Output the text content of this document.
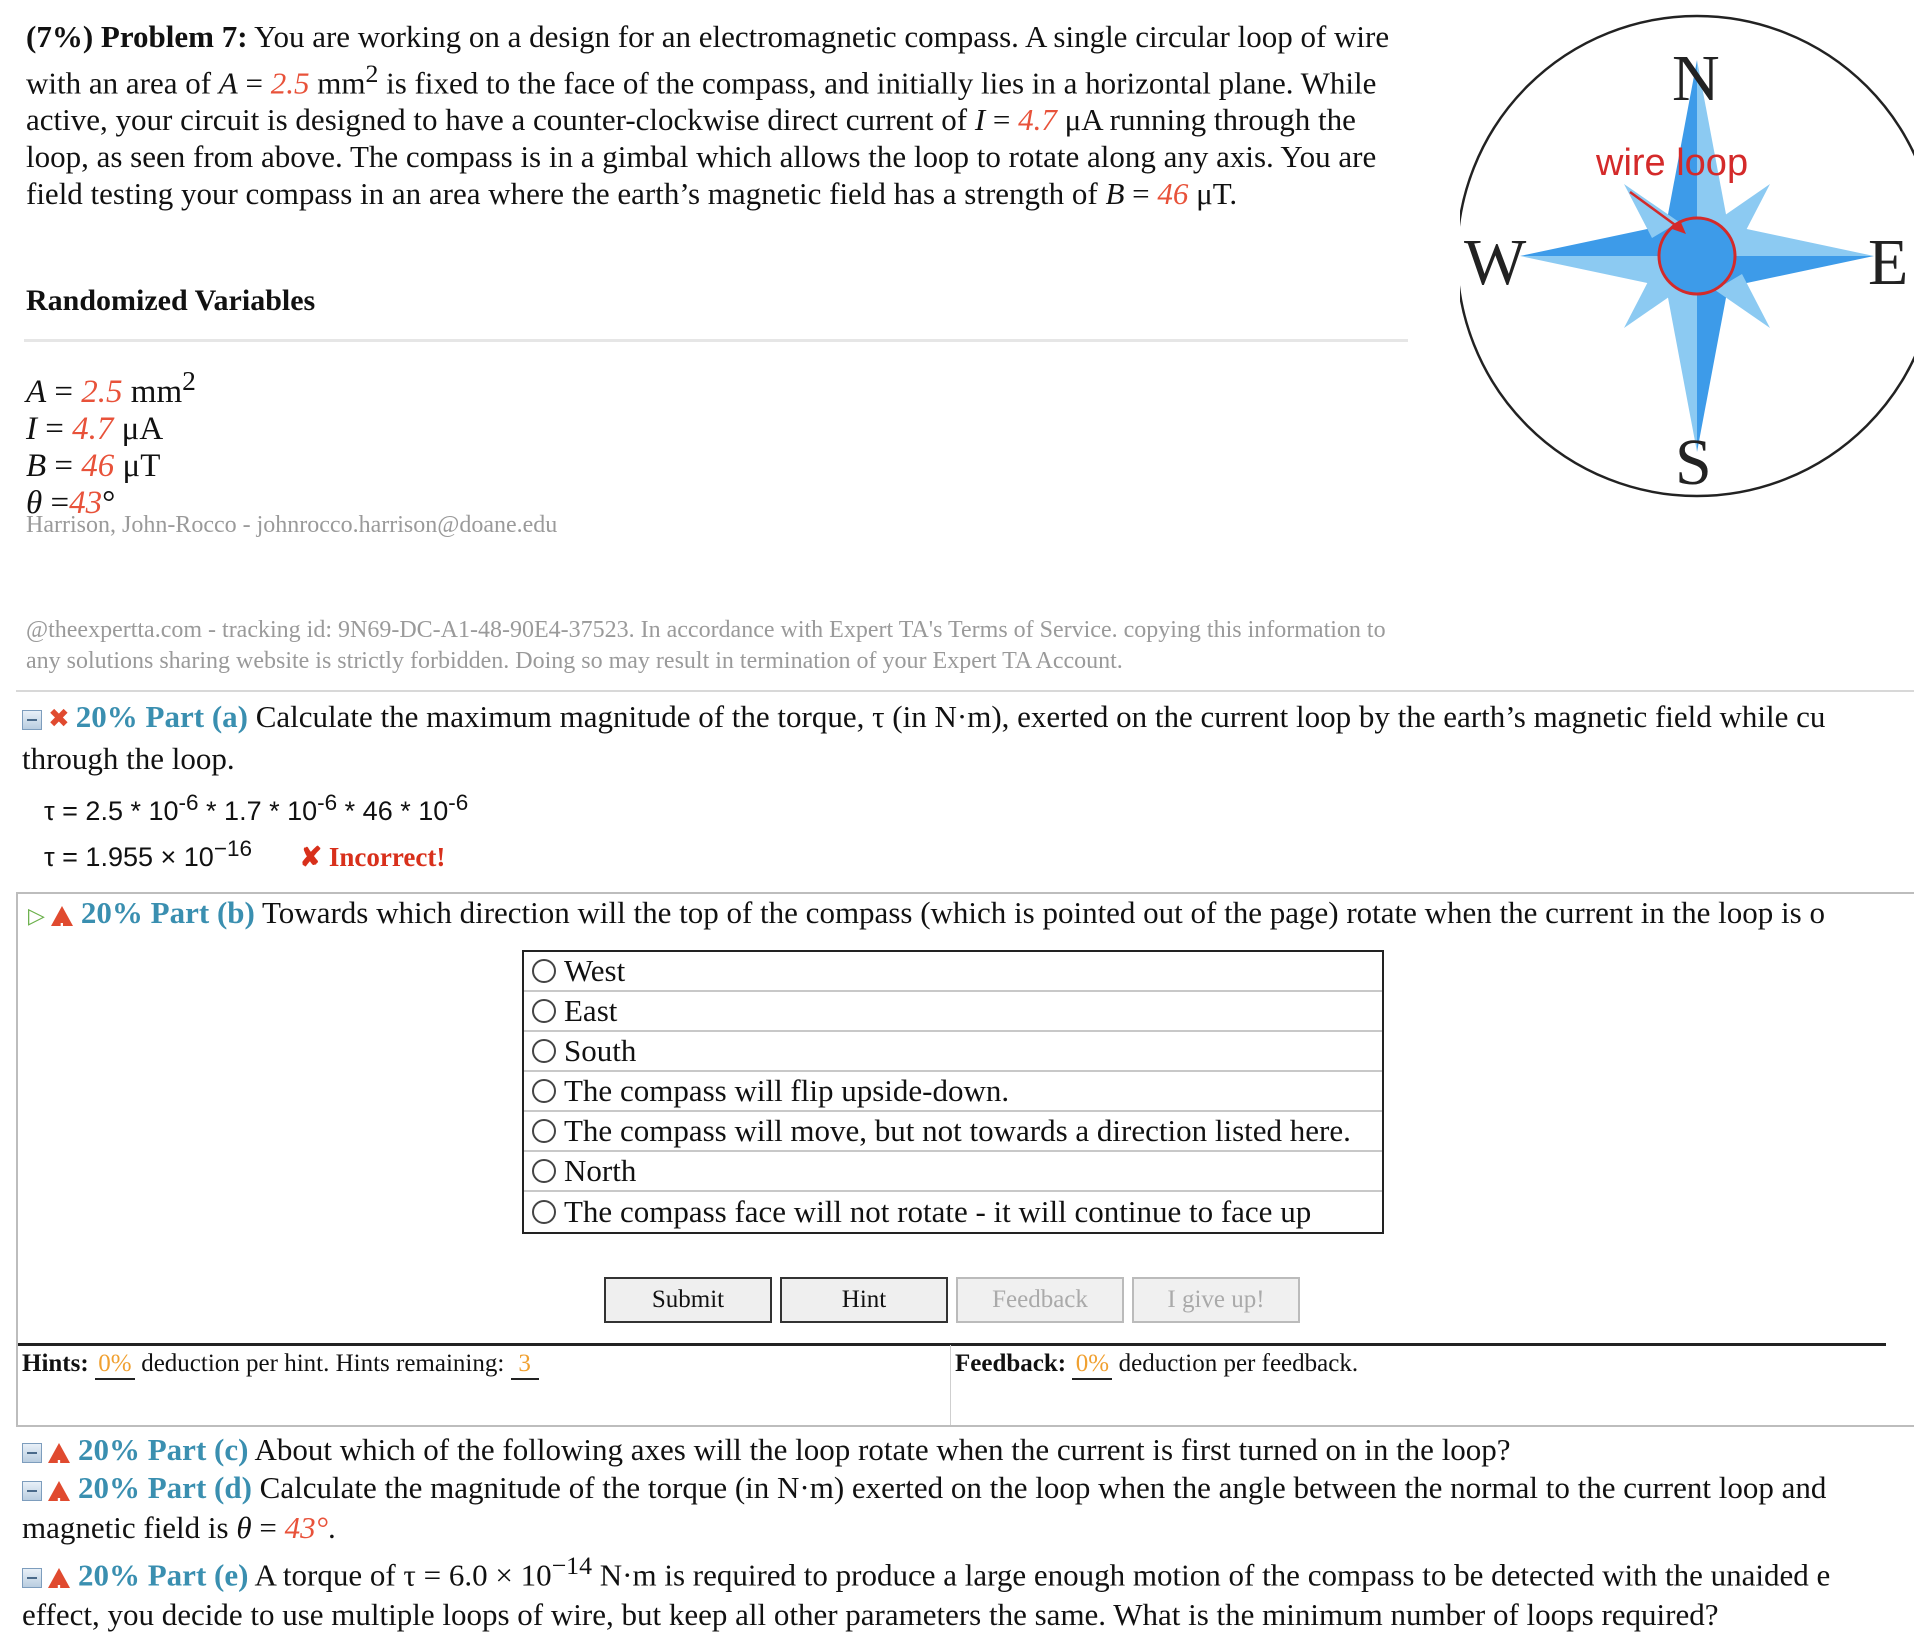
(7%) Problem 7: You are working on a design for an electromagnetic compass. A single circular loop of wire with an area of A = 2.5 $mm^2$ is fixed to the face of the compass, and initially lies in a horizontal plane. While active, your circuit is designed to have a counter-clockwise direct current of I = 4.7 μA running through the loop, as seen from above. The compass is in a gimbal which allows the loop to rotate along any axis. You are field testing your compass in an area where the earth’s magnetic field has a strength of B = 46 μT.
Randomized Variables
A = 2.5 $mm^2$
I = 4.7 μA
B = 46 μT
θ =43°
Harrison, John-Rocco - johnrocco.harrison@doane.edu
@theexpertta.com - tracking id: 9N69-DC-A1-48-90E4-37523. In accordance with Expert TA's Terms of Service. copying this information to any solutions sharing website is strictly forbidden. Doing so may result in termination of your Expert TA Account.
wire loop
N
S
W	E
✖ 20% Part (a) Calculate the maximum magnitude of the torque, τ (in N·m), exerted on the current loop by the earth’s magnetic field while cu
through the loop.
$\tau = 2.5 * 10^{-6} * 1.7 * 10^{-6} * 46 * 10^{-6}$
$\tau = 1.955 \times 10^{-16}$ ✘ Incorrect!
▷! 20% Part (b) Towards which direction will the top of the compass (which is pointed out of the page) rotate when the current in the loop is o
West
East
South
The compass will flip upside-down.
The compass will move, but not towards a direction listed here.
North
The compass face will not rotate - it will continue to face up
Submit	Hint	Feedback	I give up!
Hints: 0% deduction per hint. Hints remaining: 3	Feedback: 0% deduction per feedback.
!20% Part (c) About which of the following axes will the loop rotate when the current is first turned on in the loop?
!20% Part (d) Calculate the magnitude of the torque (in N·m) exerted on the loop when the angle between the normal to the current loop and
magnetic field is θ = 43°.
!20% Part (e) A torque of $\tau = 6.0 \times 10^{-14}$ N·m is required to produce a large enough motion of the compass to be detected with the unaided e
effect, you decide to use multiple loops of wire, but keep all other parameters the same. What is the minimum number of loops required?
